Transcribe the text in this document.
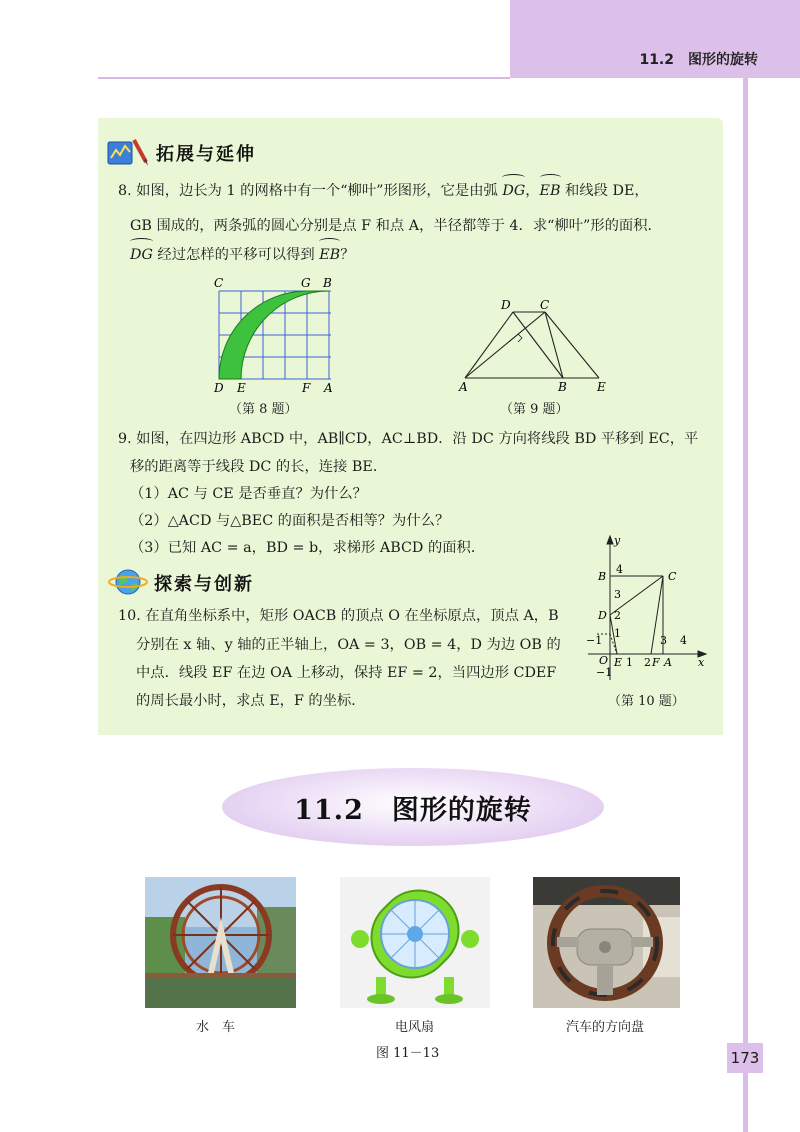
11.2　图形的旋转
拓展与延伸
8. 如图，边长为 1 的网格中有一个“柳叶”形图形，它是由弧 DG，EB 和线段 DE，
GB 围成的，两条弧的圆心分别是点 F 和点 A，半径都等于 4．求“柳叶”形的面积．
DG 经过怎样的平移可以得到 EB？
C	G B
D E	F A
（第 8 题）
D C
A	B	E
（第 9 题）
9. 如图，在四边形 ABCD 中，AB∥CD，AC⊥BD．沿 DC 方向将线段 BD 平移到 EC，平
移的距离等于线段 DC 的长，连接 BE．
（1）AC 与 CE 是否垂直？为什么？
（2）△ACD 与△BEC 的面积是否相等？为什么？
（3）已知 AC = a，BD = b，求梯形 ABCD 的面积．
探索与创新
10. 在直角坐标系中，矩形 OACB 的顶点 O 在坐标原点，顶点 A，B
分别在 x 轴、y 轴的正半轴上，OA = 3，OB = 4，D 为边 OB 的
中点．线段 EF 在边 OA 上移动，保持 EF = 2，当四边形 CDEF
的周长最小时，求点 E，F 的坐标．
y
x
B
4
C
3
D 2
1
−1	3 4
O E 1 2 F A
−1
（第 10 题）
11.2　图形的旋转
水　车	电风扇	汽车的方向盘
图 11－13	173
